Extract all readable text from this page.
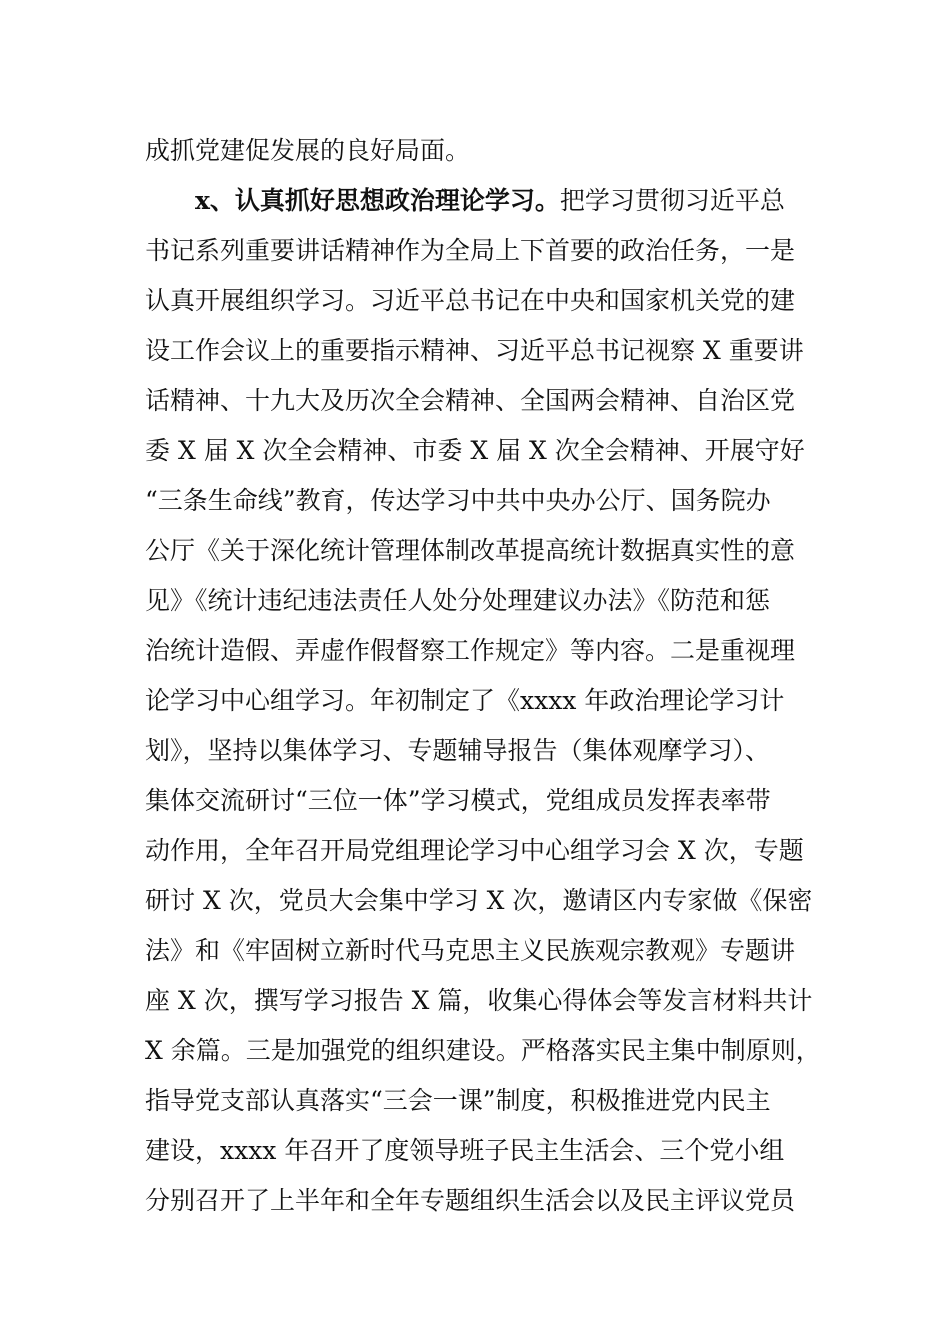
成抓党建促发展的良好局面。
x、认真抓好思想政治理论学习。把学习贯彻习近平总
书记系列重要讲话精神作为全局上下首要的政治任务，一是
认真开展组织学习。习近平总书记在中央和国家机关党的建
设工作会议上的重要指示精神、习近平总书记视察 X 重要讲
话精神、十九大及历次全会精神、全国两会精神、自治区党
委 X 届 X 次全会精神、市委 X 届 X 次全会精神、开展守好
“三条生命线”教育，传达学习中共中央办公厅、国务院办
公厅《关于深化统计管理体制改革提高统计数据真实性的意
见》《统计违纪违法责任人处分处理建议办法》《防范和惩
治统计造假、弄虚作假督察工作规定》等内容。二是重视理
论学习中心组学习。年初制定了《xxxx 年政治理论学习计
划》，坚持以集体学习、专题辅导报告（集体观摩学习）、
集体交流研讨“三位一体”学习模式，党组成员发挥表率带
动作用，全年召开局党组理论学习中心组学习会 X 次，专题
研讨 X 次，党员大会集中学习 X 次，邀请区内专家做《保密
法》和《牢固树立新时代马克思主义民族观宗教观》专题讲
座 X 次，撰写学习报告 X 篇，收集心得体会等发言材料共计
X 余篇。三是加强党的组织建设。严格落实民主集中制原则，
指导党支部认真落实“三会一课”制度，积极推进党内民主
建设，xxxx 年召开了度领导班子民主生活会、三个党小组
分别召开了上半年和全年专题组织生活会以及民主评议党员
